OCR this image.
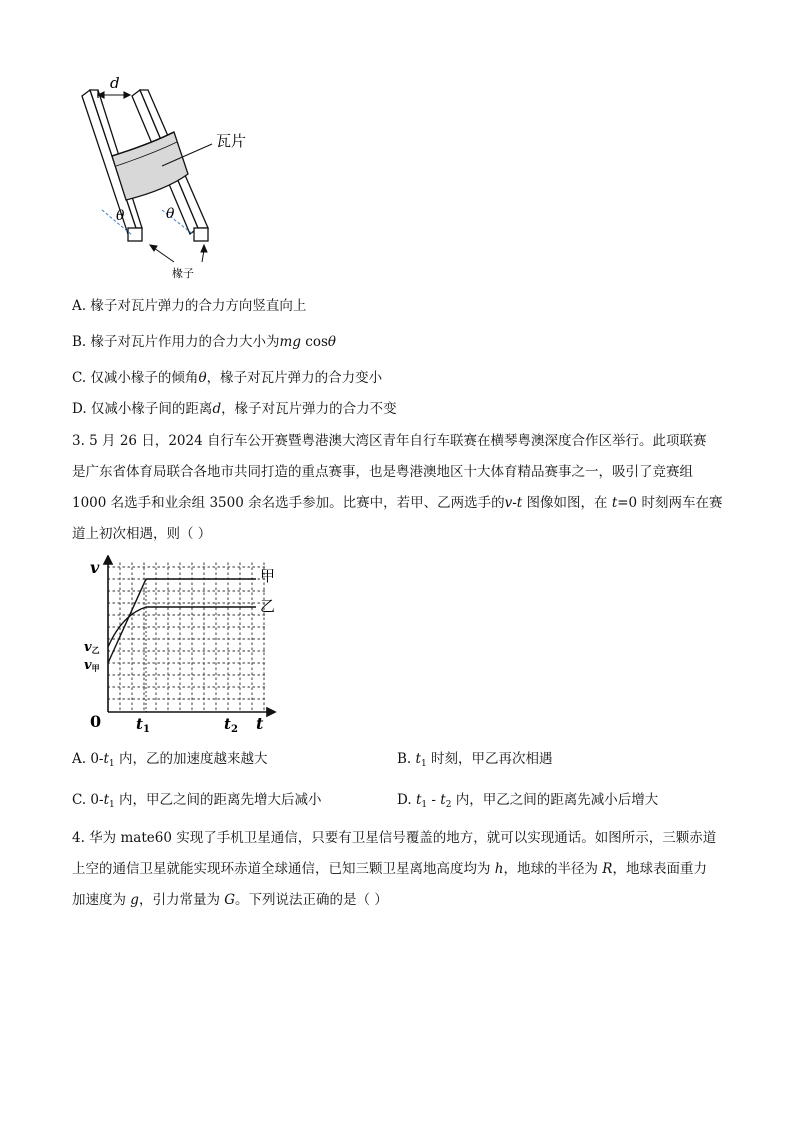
d
瓦片
θ	θ
椽子
A. 椽子对瓦片弹力的合力方向竖直向上
B. 椽子对瓦片作用力的合力大小为mg cosθ
C. 仅减小椽子的倾角θ，椽子对瓦片弹力的合力变小
D. 仅减小椽子间的距离d，椽子对瓦片弹力的合力不变
3. 5 月 26 日，2024 自行车公开赛暨粤港澳大湾区青年自行车联赛在横琴粤澳深度合作区举行。此项联赛
是广东省体育局联合各地市共同打造的重点赛事，也是粤港澳地区十大体育精品赛事之一，吸引了竞赛组
1000 名选手和业余组 3500 余名选手参加。比赛中，若甲、乙两选手的v-t 图像如图，在 t=0 时刻两车在赛
道上初次相遇，则（ ）
v
t
0 $t_1$	$t_2$
v乙
v甲
甲
乙
A. $0-t_1$ 内，乙的加速度越来越大	B. $t_1$ 时刻，甲乙再次相遇
C. $0-t_1$ 内，甲乙之间的距离先增大后减小	D. $t_1 - t_2$ 内，甲乙之间的距离先减小后增大
4. 华为 mate60 实现了手机卫星通信，只要有卫星信号覆盖的地方，就可以实现通话。如图所示，三颗赤道
上空的通信卫星就能实现环赤道全球通信，已知三颗卫星离地高度均为 h，地球的半径为 R，地球表面重力
加速度为 g，引力常量为 G。下列说法正确的是（ ）
